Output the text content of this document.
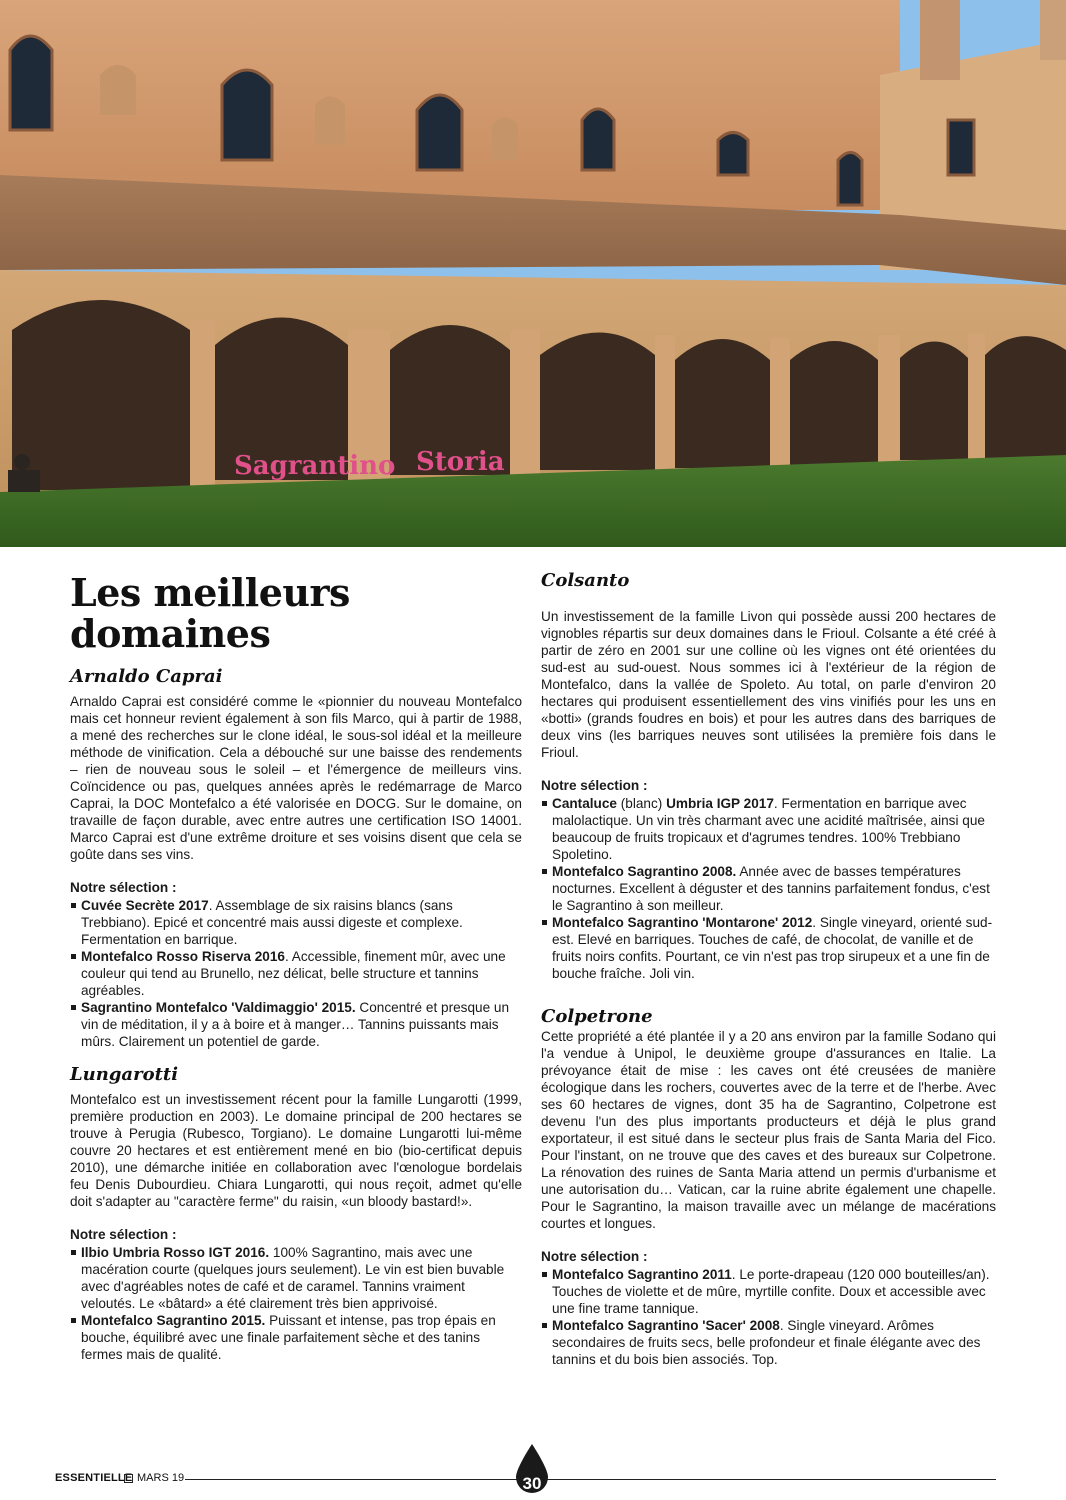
Sagrantino Storia
Les meilleurs domaines
Arnaldo Caprai

Arnaldo Caprai est considéré comme le «pionnier du nouveau Montefalco mais cet honneur revient également à son fils Marco, qui à partir de 1988, a mené des recherches sur le clone idéal, le sous-sol idéal et la meilleure méthode de vinification. Cela a débouché sur une baisse des rendements – rien de nouveau sous le soleil – et l'émergence de meilleurs vins. Coïncidence ou pas, quelques années après le redémarrage de Marco Caprai, la DOC Montefalco a été valorisée en DOCG. Sur le domaine, on travaille de façon durable, avec entre autres une certification ISO 14001. Marco Caprai est d'une extrême droiture et ses voisins disent que cela se goûte dans ses vins.

Notre sélection :
Cuvée Secrète 2017. Assemblage de six raisins blancs (sans Trebbiano). Epicé et concentré mais aussi digeste et complexe. Fermentation en barrique.
Montefalco Rosso Riserva 2016. Accessible, finement mûr, avec une couleur qui tend au Brunello, nez délicat, belle structure et tannins agréables.
Sagrantino Montefalco 'Valdimaggio' 2015. Concentré et presque un vin de méditation, il y a à boire et à manger… Tannins puissants mais mûrs. Clairement un potentiel de garde.
Lungarotti

Montefalco est un investissement récent pour la famille Lungarotti (1999, première production en 2003). Le domaine principal de 200 hectares se trouve à Perugia (Rubesco, Torgiano). Le domaine Lungarotti lui-même couvre 20 hectares et est entièrement mené en bio (bio-certificat depuis 2010), une démarche initiée en collaboration avec l'œnologue bordelais feu Denis Dubourdieu. Chiara Lungarotti, qui nous reçoit, admet qu'elle doit s'adapter au "caractère ferme" du raisin, «un bloody bastard!».

Notre sélection :
Ilbio Umbria Rosso IGT 2016. 100% Sagrantino, mais avec une macération courte (quelques jours seulement). Le vin est bien buvable avec d'agréables notes de café et de caramel. Tannins vraiment veloutés. Le «bâtard» a été clairement très bien apprivoisé.
Montefalco Sagrantino 2015. Puissant et intense, pas trop épais en bouche, équilibré avec une finale parfaitement sèche et des tanins fermes mais de qualité.
Colsanto

Un investissement de la famille Livon qui possède aussi 200 hectares de vignobles répartis sur deux domaines dans le Frioul. Colsante a été créé à partir de zéro en 2001 sur une colline où les vignes ont été orientées du sud-est au sud-ouest. Nous sommes ici à l'extérieur de la région de Montefalco, dans la vallée de Spoleto. Au total, on parle d'environ 20 hectares qui produisent essentiellement des vins vinifiés pour les uns en «botti» (grands foudres en bois) et pour les autres dans des barriques de deux vins (les barriques neuves sont utilisées la première fois dans le Frioul.

Notre sélection :
Cantaluce (blanc) Umbria IGP 2017. Fermentation en barrique avec malolactique. Un vin très charmant avec une acidité maîtrisée, ainsi que beaucoup de fruits tropicaux et d'agrumes tendres. 100% Trebbiano Spoletino.
Montefalco Sagrantino 2008. Année avec de basses températures nocturnes. Excellent à déguster et des tannins parfaitement fondus, c'est le Sagrantino à son meilleur.
Montefalco Sagrantino 'Montarone' 2012. Single vineyard, orienté sud-est. Elevé en barriques. Touches de café, de chocolat, de vanille et de fruits noirs confits. Pourtant, ce vin n'est pas trop sirupeux et a une fin de bouche fraîche. Joli vin.
Colpetrone

Cette propriété a été plantée il y a 20 ans environ par la famille Sodano qui l'a vendue à Unipol, le deuxième groupe d'assurances en Italie. La prévoyance était de mise : les caves ont été creusées de manière écologique dans les rochers, couvertes avec de la terre et de l'herbe. Avec ses 60 hectares de vignes, dont 35 ha de Sagrantino, Colpetrone est devenu l'un des plus importants producteurs et déjà le plus grand exportateur, il est situé dans le secteur plus frais de Santa Maria del Fico. Pour l'instant, on ne trouve que des caves et des bureaux sur Colpetrone. La rénovation des ruines de Santa Maria attend un permis d'urbanisme et une autorisation du… Vatican, car la ruine abrite également une chapelle. Pour le Sagrantino, la maison travaille avec un mélange de macérations courtes et longues.

Notre sélection :
Montefalco Sagrantino 2011. Le porte-drapeau (120 000 bouteilles/an). Touches de violette et de mûre, myrtille confite. Doux et accessible avec une fine trame tannique.
Montefalco Sagrantino 'Sacer' 2008. Single vineyard. Arômes secondaires de fruits secs, belle profondeur et finale élégante avec des tannins et du bois bien associés. Top.
ESSENTIELLE MARS 19	30
